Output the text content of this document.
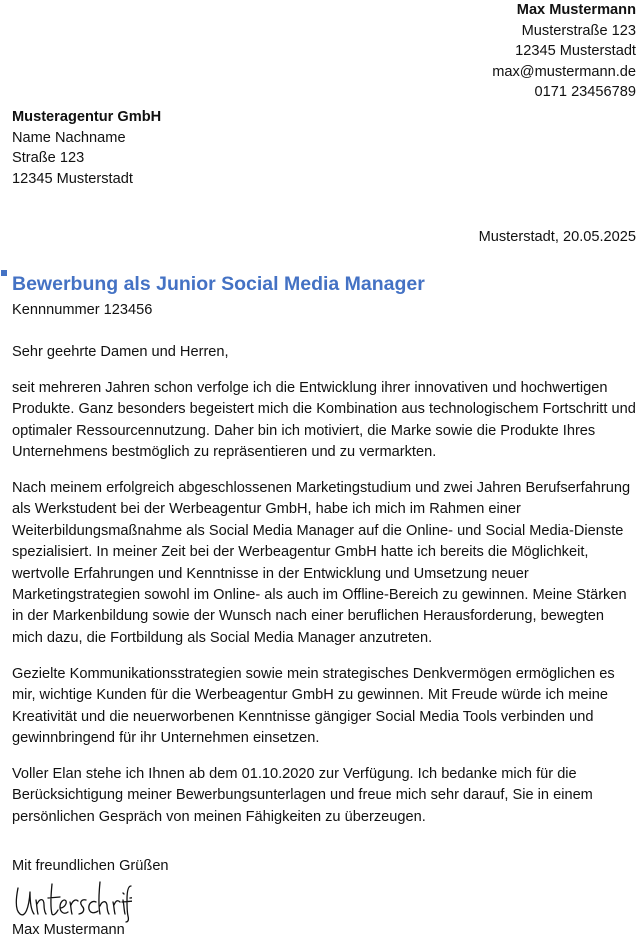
Max Mustermann
Musterstraße 123
12345 Musterstadt
max@mustermann.de
0171 23456789
Musteragentur GmbH
Name Nachname
Straße 123
12345 Musterstadt
Musterstadt, 20.05.2025
Bewerbung als Junior Social Media Manager
Kennnummer 123456

Sehr geehrte Damen und Herren,

seit mehreren Jahren schon verfolge ich die Entwicklung ihrer innovativen und hochwertigen Produkte. Ganz besonders begeistert mich die Kombination aus technologischem Fortschritt und optimaler Ressourcennutzung. Daher bin ich motiviert, die Marke sowie die Produkte Ihres Unternehmens bestmöglich zu repräsentieren und zu vermarkten.

Nach meinem erfolgreich abgeschlossenen Marketingstudium und zwei Jahren Berufserfahrung als Werkstudent bei der Werbeagentur GmbH, habe ich mich im Rahmen einer Weiterbildungsmaßnahme als Social Media Manager auf die Online- und Social Media-Dienste spezialisiert. In meiner Zeit bei der Werbeagentur GmbH hatte ich bereits die Möglichkeit, wertvolle Erfahrungen und Kenntnisse in der Entwicklung und Umsetzung neuer Marketingstrategien sowohl im Online- als auch im Offline-Bereich zu gewinnen. Meine Stärken in der Markenbildung sowie der Wunsch nach einer beruflichen Herausforderung, bewegten mich dazu, die Fortbildung als Social Media Manager anzutreten.

Gezielte Kommunikationsstrategien sowie mein strategisches Denkvermögen ermöglichen es mir, wichtige Kunden für die Werbeagentur GmbH zu gewinnen. Mit Freude würde ich meine Kreativität und die neuerworbenen Kenntnisse gängiger Social Media Tools verbinden und gewinnbringend für ihr Unternehmen einsetzen.

Voller Elan stehe ich Ihnen ab dem 01.10.2020 zur Verfügung. Ich bedanke mich für die Berücksichtigung meiner Bewerbungsunterlagen und freue mich sehr darauf, Sie in einem persönlichen Gespräch von meinen Fähigkeiten zu überzeugen.

Mit freundlichen Grüßen
Max Mustermann
